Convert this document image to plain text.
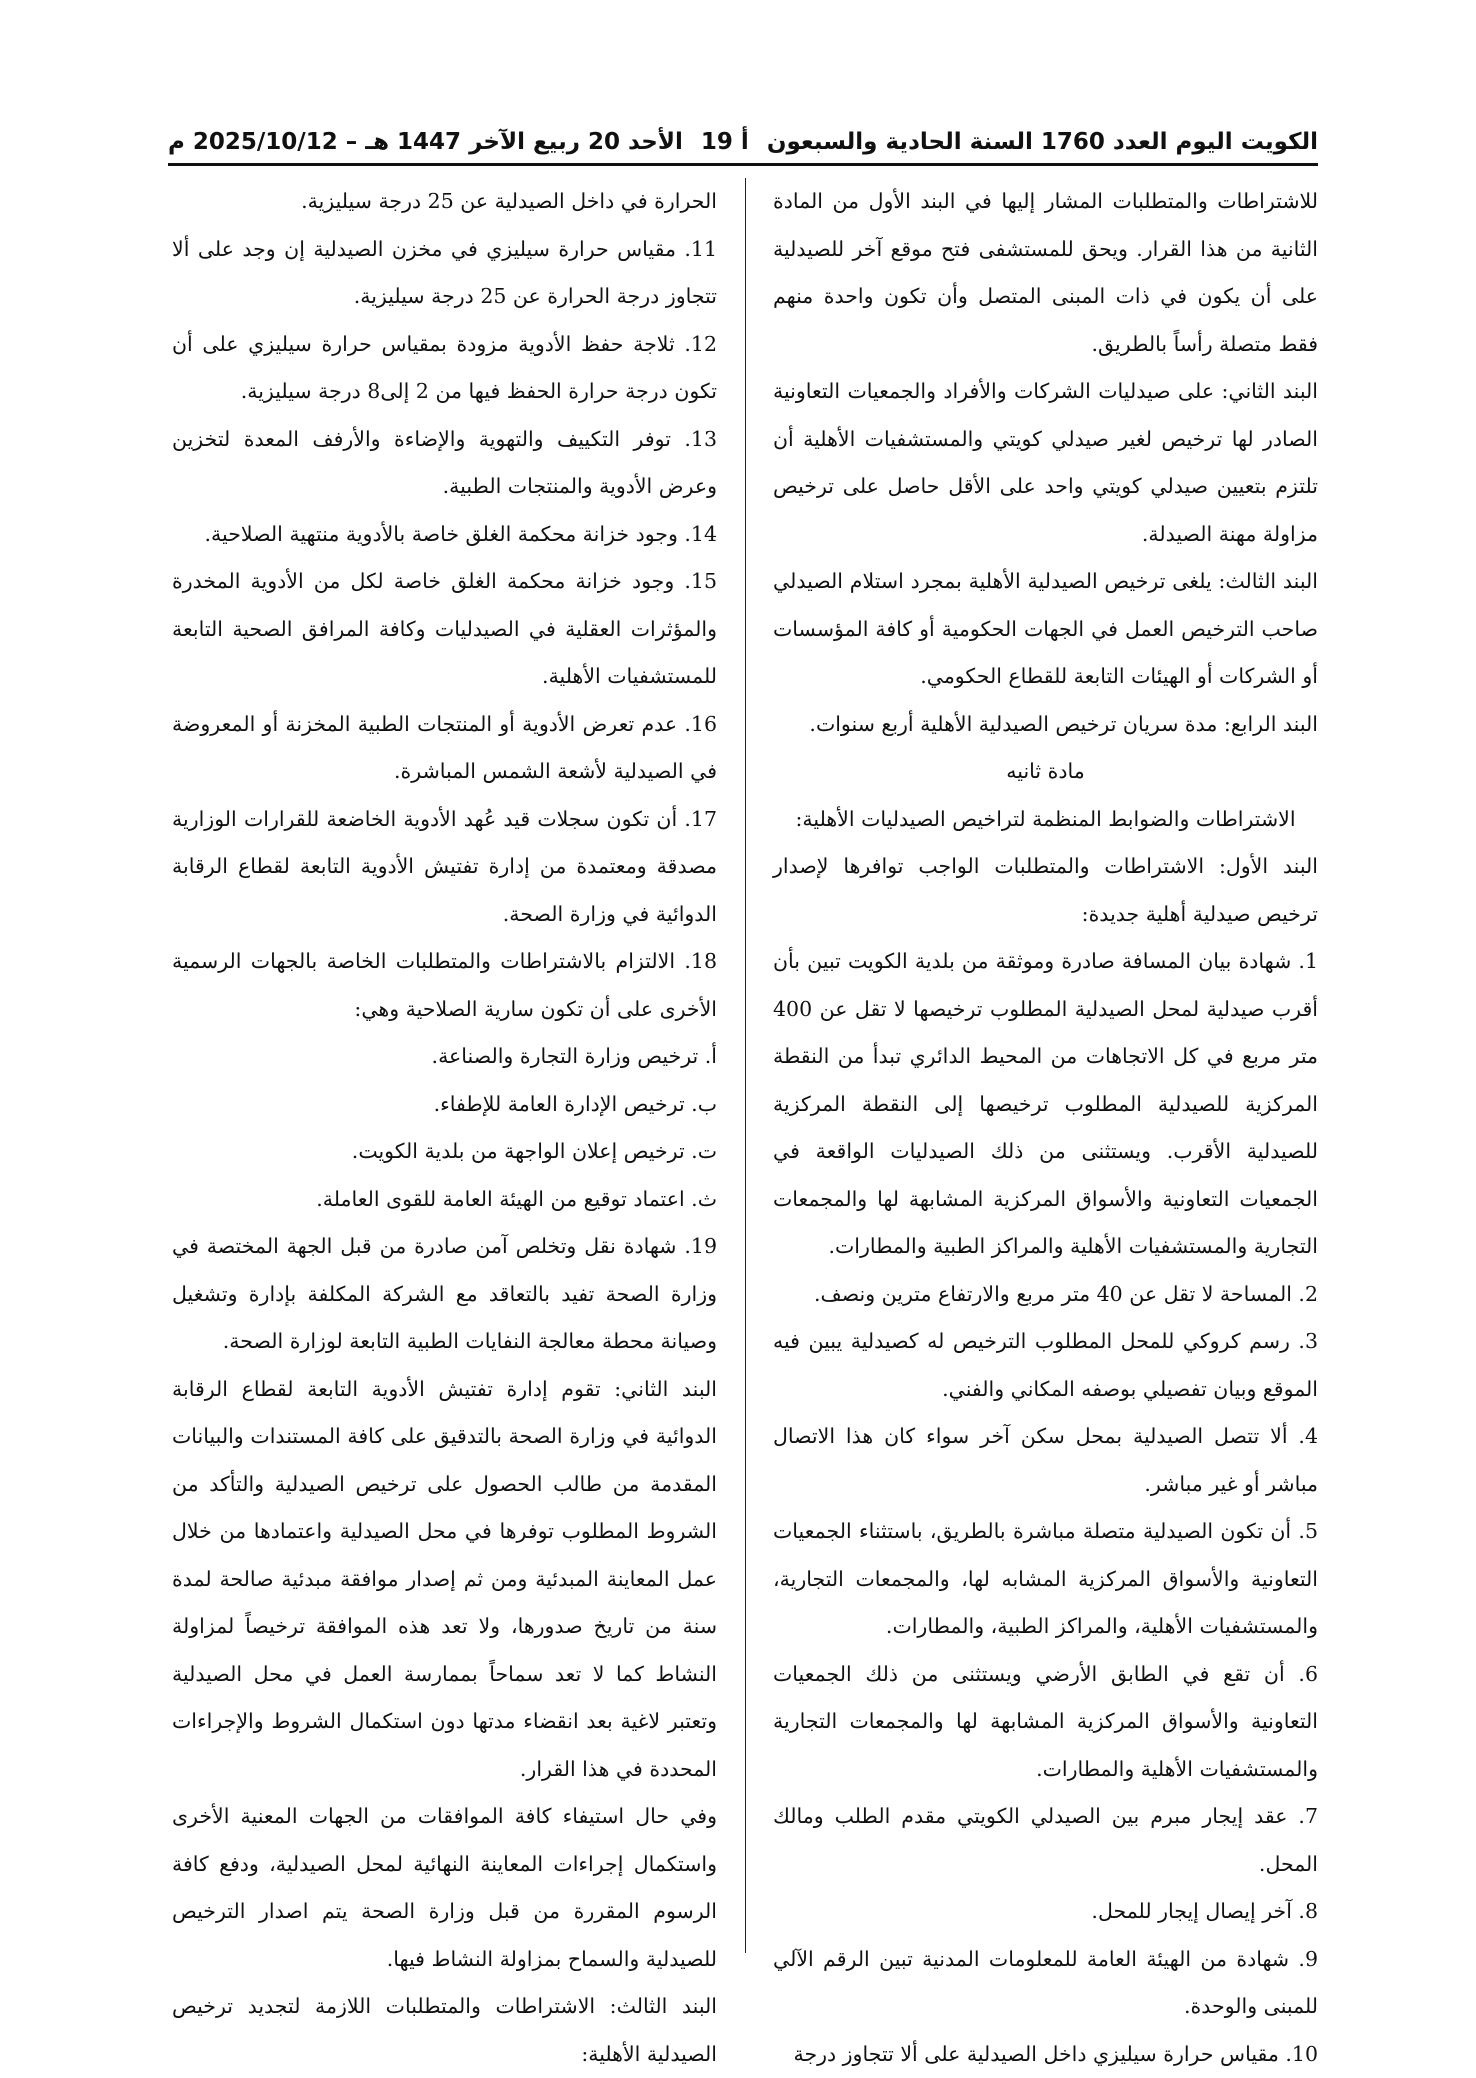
الكويت اليوم العدد 1760 السنة الحادية والسبعون
أ 19
الأحد 20 ربيع الآخر 1447 هـ – 2025/10/12 م

للاشتراطات والمتطلبات المشار إليها في البند الأول من المادة الثانية من هذا القرار. ويحق للمستشفى فتح موقع آخر للصيدلية على أن يكون في ذات المبنى المتصل وأن تكون واحدة منهم فقط متصلة رأساً بالطريق.

البند الثاني: على صيدليات الشركات والأفراد والجمعيات التعاونية الصادر لها ترخيص لغير صيدلي كويتي والمستشفيات الأهلية أن تلتزم بتعيين صيدلي كويتي واحد على الأقل حاصل على ترخيص مزاولة مهنة الصيدلة.

البند الثالث: يلغى ترخيص الصيدلية الأهلية بمجرد استلام الصيدلي صاحب الترخيص العمل في الجهات الحكومية أو كافة المؤسسات أو الشركات أو الهيئات التابعة للقطاع الحكومي.

البند الرابع: مدة سريان ترخيص الصيدلية الأهلية أربع سنوات.

مادة ثانيه

الاشتراطات والضوابط المنظمة لتراخيص الصيدليات الأهلية:

البند الأول: الاشتراطات والمتطلبات الواجب توافرها لإصدار ترخيص صيدلية أهلية جديدة:

1. شهادة بيان المسافة صادرة وموثقة من بلدية الكويت تبين بأن أقرب صيدلية لمحل الصيدلية المطلوب ترخيصها لا تقل عن 400 متر مربع في كل الاتجاهات من المحيط الدائري تبدأ من النقطة المركزية للصيدلية المطلوب ترخيصها إلى النقطة المركزية للصيدلية الأقرب. ويستثنى من ذلك الصيدليات الواقعة في الجمعيات التعاونية والأسواق المركزية المشابهة لها والمجمعات التجارية والمستشفيات الأهلية والمراكز الطبية والمطارات.

2. المساحة لا تقل عن 40 متر مربع والارتفاع مترين ونصف.

3. رسم كروكي للمحل المطلوب الترخيص له كصيدلية يبين فيه الموقع وبيان تفصيلي بوصفه المكاني والفني.

4. ألا تتصل الصيدلية بمحل سكن آخر سواء كان هذا الاتصال مباشر أو غير مباشر.

5. أن تكون الصيدلية متصلة مباشرة بالطريق، باستثناء الجمعيات التعاونية والأسواق المركزية المشابه لها، والمجمعات التجارية، والمستشفيات الأهلية، والمراكز الطبية، والمطارات.

6. أن تقع في الطابق الأرضي ويستثنى من ذلك الجمعيات التعاونية والأسواق المركزية المشابهة لها والمجمعات التجارية والمستشفيات الأهلية والمطارات.

7. عقد إيجار مبرم بين الصيدلي الكويتي مقدم الطلب ومالك المحل.

8. آخر إيصال إيجار للمحل.

9. شهادة من الهيئة العامة للمعلومات المدنية تبين الرقم الآلي للمبنى والوحدة.

10. مقياس حرارة سيليزي داخل الصيدلية على ألا تتجاوز درجة

الحرارة في داخل الصيدلية عن 25 درجة سيليزية.

11. مقياس حرارة سيليزي في مخزن الصيدلية إن وجد على ألا تتجاوز درجة الحرارة عن 25 درجة سيليزية.

12. ثلاجة حفظ الأدوية مزودة بمقياس حرارة سيليزي على أن تكون درجة حرارة الحفظ فيها من 2 إلى8 درجة سيليزية.

13. توفر التكييف والتهوية والإضاءة والأرفف المعدة لتخزين وعرض الأدوية والمنتجات الطبية.

14. وجود خزانة محكمة الغلق خاصة بالأدوية منتهية الصلاحية.

15. وجود خزانة محكمة الغلق خاصة لكل من الأدوية المخدرة والمؤثرات العقلية في الصيدليات وكافة المرافق الصحية التابعة للمستشفيات الأهلية.

16. عدم تعرض الأدوية أو المنتجات الطبية المخزنة أو المعروضة في الصيدلية لأشعة الشمس المباشرة.

17. أن تكون سجلات قيد عُهد الأدوية الخاضعة للقرارات الوزارية مصدقة ومعتمدة من إدارة تفتيش الأدوية التابعة لقطاع الرقابة الدوائية في وزارة الصحة.

18. الالتزام بالاشتراطات والمتطلبات الخاصة بالجهات الرسمية الأخرى على أن تكون سارية الصلاحية وهي:

أ. ترخيص وزارة التجارة والصناعة.

ب. ترخيص الإدارة العامة للإطفاء.

ت. ترخيص إعلان الواجهة من بلدية الكويت.

ث. اعتماد توقيع من الهيئة العامة للقوى العاملة.

19. شهادة نقل وتخلص آمن صادرة من قبل الجهة المختصة في وزارة الصحة تفيد بالتعاقد مع الشركة المكلفة بإدارة وتشغيل وصيانة محطة معالجة النفايات الطبية التابعة لوزارة الصحة.

البند الثاني: تقوم إدارة تفتيش الأدوية التابعة لقطاع الرقابة الدوائية في وزارة الصحة بالتدقيق على كافة المستندات والبيانات المقدمة من طالب الحصول على ترخيص الصيدلية والتأكد من الشروط المطلوب توفرها في محل الصيدلية واعتمادها من خلال عمل المعاينة المبدئية ومن ثم إصدار موافقة مبدئية صالحة لمدة سنة من تاريخ صدورها، ولا تعد هذه الموافقة ترخيصاً لمزاولة النشاط كما لا تعد سماحاً بممارسة العمل في محل الصيدلية وتعتبر لاغية بعد انقضاء مدتها دون استكمال الشروط والإجراءات المحددة في هذا القرار.

وفي حال استيفاء كافة الموافقات من الجهات المعنية الأخرى واستكمال إجراءات المعاينة النهائية لمحل الصيدلية، ودفع كافة الرسوم المقررة من قبل وزارة الصحة يتم اصدار الترخيص للصيدلية والسماح بمزاولة النشاط فيها.

البند الثالث: الاشتراطات والمتطلبات اللازمة لتجديد ترخيص الصيدلية الأهلية:
